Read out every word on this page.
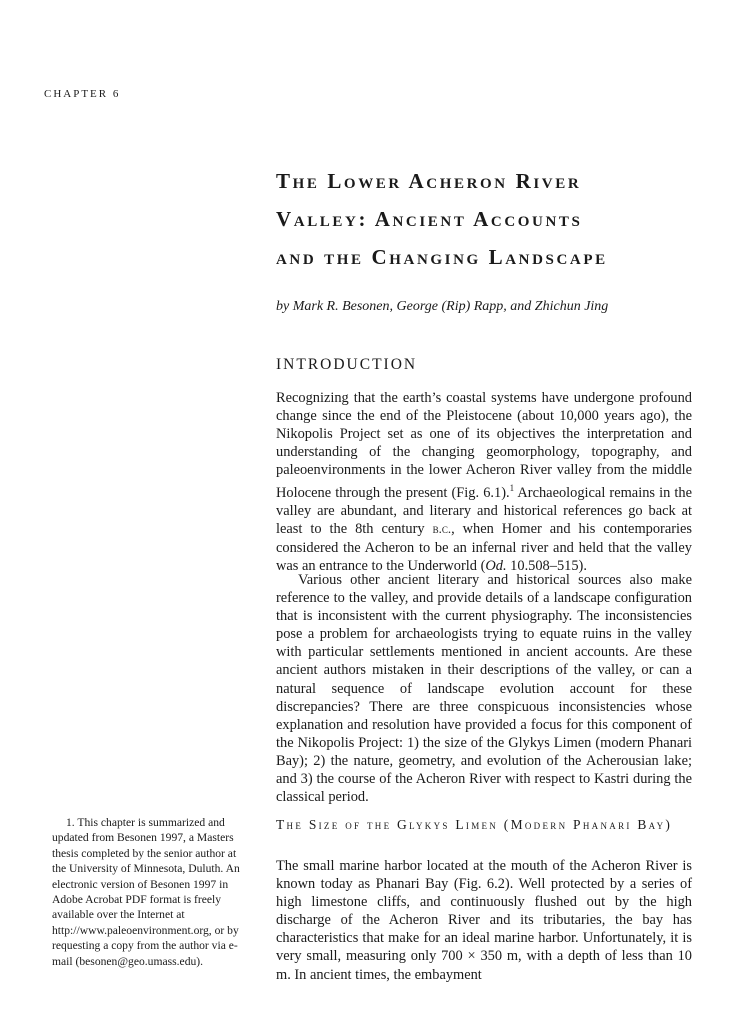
CHAPTER 6
The Lower Acheron River
Valley: Ancient Accounts
and the Changing Landscape

by Mark R. Besonen, George (Rip) Rapp, and Zhichun Jing

INTRODUCTION

Recognizing that the earth’s coastal systems have undergone profound change since the end of the Pleistocene (about 10,000 years ago), the Nikopolis Project set as one of its objectives the interpretation and understanding of the changing geomorphology, topography, and paleoenvironments in the lower Acheron River valley from the middle Holocene through the present (Fig. 6.1).$^1$ Archaeological remains in the valley are abundant, and literary and historical references go back at least to the 8th century b.c., when Homer and his contemporaries considered the Acheron to be an infernal river and held that the valley was an entrance to the Underworld (Od. 10.508–515).

Various other ancient literary and historical sources also make reference to the valley, and provide details of a landscape configuration that is inconsistent with the current physiography. The inconsistencies pose a problem for archaeologists trying to equate ruins in the valley with particular settlements mentioned in ancient accounts. Are these ancient authors mistaken in their descriptions of the valley, or can a natural sequence of landscape evolution account for these discrepancies? There are three conspicuous inconsistencies whose explanation and resolution have provided a focus for this component of the Nikopolis Project: 1) the size of the Glykys Limen (modern Phanari Bay); 2) the nature, geometry, and evolution of the Acherousian lake; and 3) the course of the Acheron River with respect to Kastri during the classical period.

The Size of the Glykys Limen (Modern Phanari Bay)

The small marine harbor located at the mouth of the Acheron River is known today as Phanari Bay (Fig. 6.2). Well protected by a series of high limestone cliffs, and continuously flushed out by the high discharge of the Acheron River and its tributaries, the bay has characteristics that make for an ideal marine harbor. Unfortunately, it is very small, measuring only 700 × 350 m, with a depth of less than 10 m. In ancient times, the embayment

1. This chapter is summarized and updated from Besonen 1997, a Masters thesis completed by the senior author at the University of Minnesota, Duluth. An electronic version of Besonen 1997 in Adobe Acrobat PDF format is freely available over the Internet at http://www.paleoenvironment.org, or by requesting a copy from the author via e-mail (besonen@geo.umass.edu).
